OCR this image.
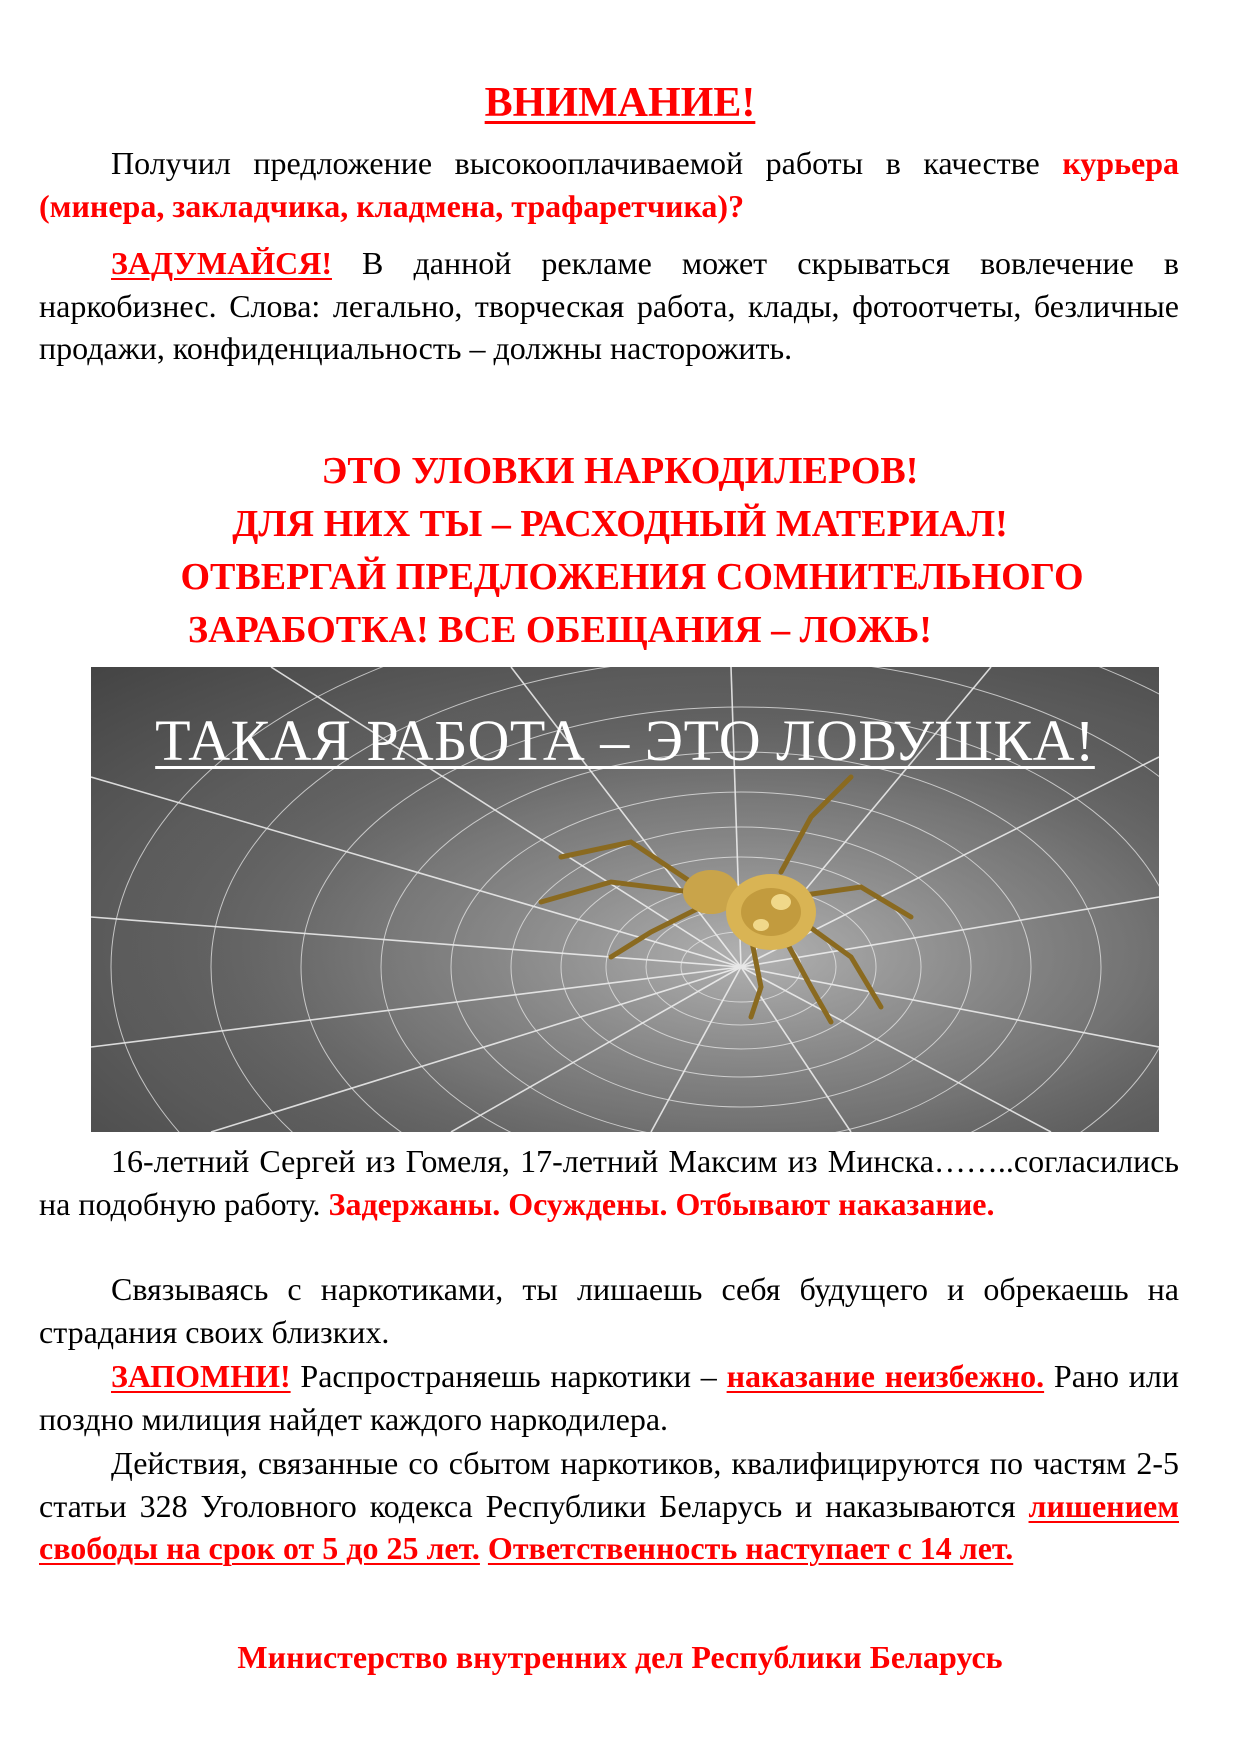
ВНИМАНИЕ!
Получил предложение высокооплачиваемой работы в качестве курьера (минера, закладчика, кладмена, трафаретчика)?
ЗАДУМАЙСЯ! В данной рекламе может скрываться вовлечение в наркобизнес. Слова: легально, творческая работа, клады, фотоотчеты, безличные продажи, конфиденциальность – должны насторожить.
ЭТО УЛОВКИ НАРКОДИЛЕРОВ!
ДЛЯ НИХ ТЫ – РАСХОДНЫЙ МАТЕРИАЛ!
ОТВЕРГАЙ ПРЕДЛОЖЕНИЯ СОМНИТЕЛЬНОГО
ЗАРАБОТКА! ВСЕ ОБЕЩАНИЯ – ЛОЖЬ!
ТАКАЯ РАБОТА – ЭТО ЛОВУШКА!
16-летний Сергей из Гомеля, 17-летний Максим из Минска……..согласились на подобную работу. Задержаны. Осуждены. Отбывают наказание.
Связываясь с наркотиками, ты лишаешь себя будущего и обрекаешь на страдания своих близких.
ЗАПОМНИ! Распространяешь наркотики – наказание неизбежно. Рано или поздно милиция найдет каждого наркодилера.
Действия, связанные со сбытом наркотиков, квалифицируются по частям 2-5 статьи 328 Уголовного кодекса Республики Беларусь и наказываются лишением свободы на срок от 5 до 25 лет. Ответственность наступает с 14 лет.
Министерство внутренних дел Республики Беларусь
